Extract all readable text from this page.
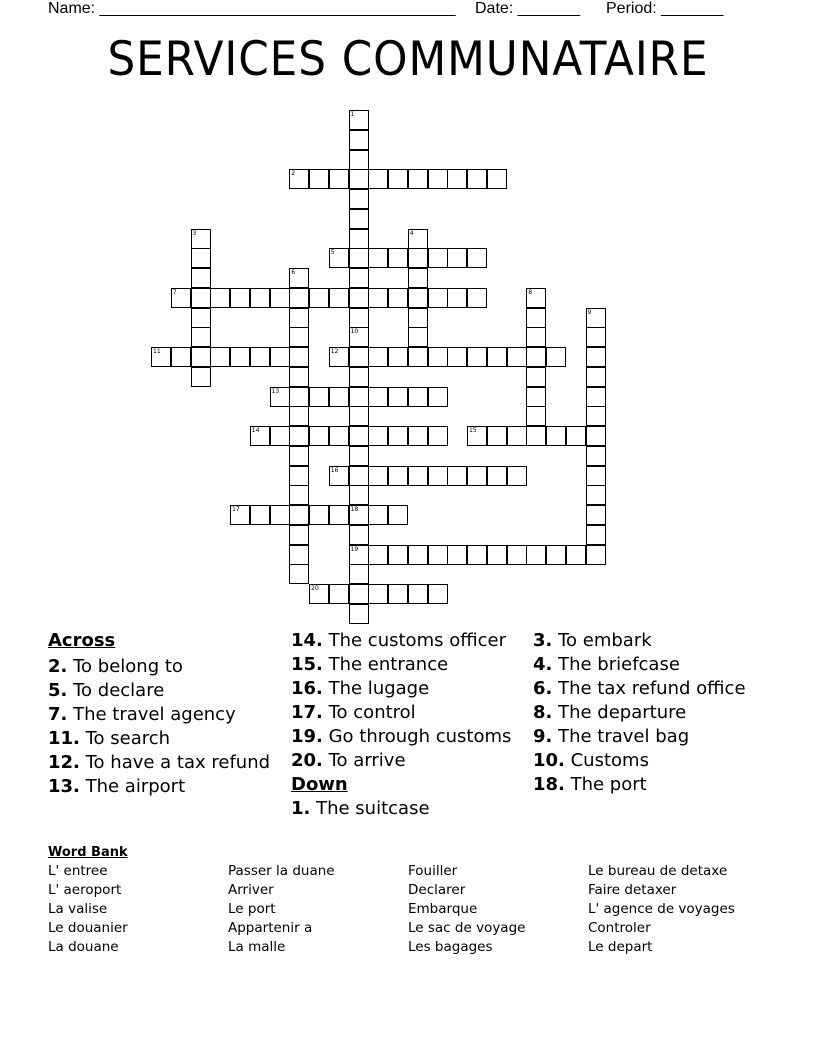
Name: ________________________________________ Date: _______ Period: _______
SERVICES COMMUNATAIRE
1
10
18
19
2
3	4
5
6
7	8
9
11	12
13
14	15
16
17
20
Across
2. To belong to
5. To declare
7. The travel agency
11. To search
12. To have a tax refund
13. The airport
14. The customs officer
15. The entrance
16. The lugage
17. To control
19. Go through customs
20. To arrive
Down
1. The suitcase
3. To embark
4. The briefcase
6. The tax refund office
8. The departure
9. The travel bag
10. Customs
18. The port
Word Bank
L' entree
L' aeroport
La valise
Le douanier
La douane
Passer la duane
Arriver
Le port
Appartenir a
La malle
Fouiller
Declarer
Embarque
Le sac de voyage
Les bagages
Le bureau de detaxe
Faire detaxer
L' agence de voyages
Controler
Le depart
